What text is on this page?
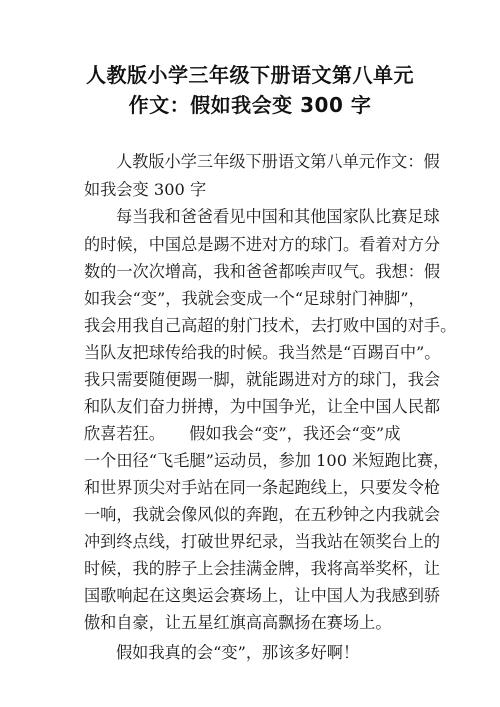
人教版小学三年级下册语文第八单元
作文：假如我会变 300 字
人教版小学三年级下册语文第八单元作文：假
如我会变 300 字
每当我和爸爸看见中国和其他国家队比赛足球
的时候，中国总是踢不进对方的球门。看着对方分
数的一次次增高，我和爸爸都唉声叹气。我想：假
如我会“变”，我就会变成一个“足球射门神脚”，
我会用我自己高超的射门技术，去打败中国的对手。
当队友把球传给我的时候。我当然是“百踢百中”。
我只需要随便踢一脚，就能踢进对方的球门，我会
和队友们奋力拼搏，为中国争光，让全中国人民都
欣喜若狂。　　假如我会“变”，我还会“变”成
一个田径“飞毛腿”运动员，参加 100 米短跑比赛，
和世界顶尖对手站在同一条起跑线上，只要发令枪
一响，我就会像风似的奔跑，在五秒钟之内我就会
冲到终点线，打破世界纪录，当我站在领奖台上的
时候，我的脖子上会挂满金牌，我将高举奖杯，让
国歌响起在这奥运会赛场上，让中国人为我感到骄
傲和自豪，让五星红旗高高飘扬在赛场上。
假如我真的会“变”，那该多好啊！
